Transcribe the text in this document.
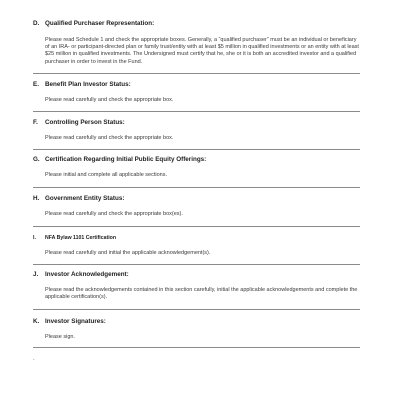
D. Qualified Purchaser Representation:
Please read Schedule 1 and check the appropriate boxes. Generally, a “qualified purchaser” must be an individual or beneficiary of an IRA- or participant-directed plan or family trust/entity with at least $5 million in qualified investments or an entity with at least $25 million in qualified investments. The Undersigned must certify that he, she or it is both an accredited investor and a qualified purchaser in order to invest in the Fund.
E. Benefit Plan Investor Status:
Please read carefully and check the appropriate box.
F.	Controlling Person Status:
Please read carefully and check the appropriate box.
G. Certification Regarding Initial Public Equity Offerings:
Please initial and complete all applicable sections.
H. Government Entity Status:
Please read carefully and check the appropriate box(es).
I.	NFA Bylaw 1101 Certification
Please read carefully and initial the applicable acknowledgement(s).
J.	Investor Acknowledgement:
Please read the acknowledgements contained in this section carefully, initial the applicable acknowledgements and complete the applicable certification(s).
K. Investor Signatures:
Please sign.
.
